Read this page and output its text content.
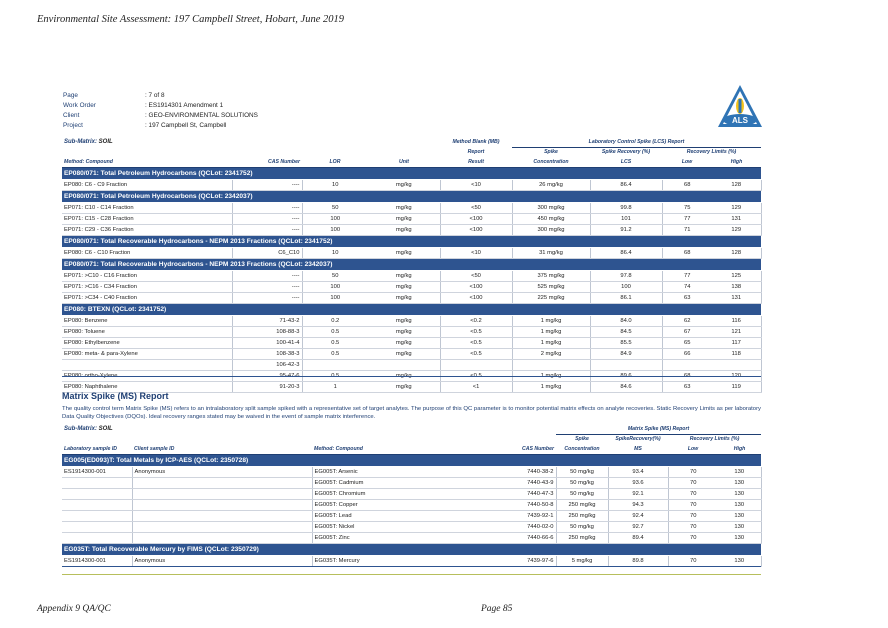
Environmental Site Assessment: 197 Campbell Street, Hobart, June 2019
Page	: 7 of 8
Work Order	: ES1914301 Amendment 1
Client	: GEO-ENVIRONMENTAL SOLUTIONS
Project	: 197 Campbell St, Campbell
ALS
Sub-Matrix: SOIL				Method Blank (MB)	Laboratory Control Spike (LCS) Report			
				Report	Spike	Spike Recovery (%)	Recovery Limits (%)	
Method: Compound	CAS Number	LOR	Unit	Result	Concentration	LCS	Low	High
EP080/071: Total Petroleum Hydrocarbons (QCLot: 2341752)								
EP080: C6 - C9 Fraction	----	10	mg/kg	<10	26 mg/kg	86.4	68	128
EP080/071: Total Petroleum Hydrocarbons (QCLot: 2342037)								
EP071: C10 - C14 Fraction	----	50	mg/kg	<50	300 mg/kg	99.8	75	129
EP071: C15 - C28 Fraction	----	100	mg/kg	<100	450 mg/kg	101	77	131
EP071: C29 - C36 Fraction	----	100	mg/kg	<100	300 mg/kg	91.2	71	129
EP080/071: Total Recoverable Hydrocarbons - NEPM 2013 Fractions (QCLot: 2341752)								
EP080: C6 - C10 Fraction	C6_C10	10	mg/kg	<10	31 mg/kg	86.4	68	128
EP080/071: Total Recoverable Hydrocarbons - NEPM 2013 Fractions (QCLot: 2342037)								
EP071: >C10 - C16 Fraction	----	50	mg/kg	<50	375 mg/kg	97.8	77	125
EP071: >C16 - C34 Fraction	----	100	mg/kg	<100	525 mg/kg	100	74	138
EP071: >C34 - C40 Fraction	----	100	mg/kg	<100	225 mg/kg	86.1	63	131
EP080: BTEXN (QCLot: 2341752)								
EP080: Benzene	71-43-2	0.2	mg/kg	<0.2	1 mg/kg	84.0	62	116
EP080: Toluene	108-88-3	0.5	mg/kg	<0.5	1 mg/kg	84.5	67	121
EP080: Ethylbenzene	100-41-4	0.5	mg/kg	<0.5	1 mg/kg	85.5	65	117
EP080: meta- & para-Xylene	108-38-3	0.5	mg/kg	<0.5	2 mg/kg	84.9	66	118
	106-42-3							
EP080: ortho-Xylene	95-47-6	0.5	mg/kg	<0.5	1 mg/kg	89.6	68	120
EP080: Naphthalene	91-20-3	1	mg/kg	<1	1 mg/kg	84.6	63	119
Matrix Spike (MS) Report
The quality control term Matrix Spike (MS) refers to an intralaboratory split sample spiked with a representative set of target analytes. The purpose of this QC parameter is to monitor potential matrix effects on analyte recoveries. Static Recovery Limits as per laboratory Data Quality Objectives (DQOs). Ideal recovery ranges stated may be waived in the event of sample matrix interference.
Sub-Matrix: SOIL				Matrix Spike (MS) Report			
				Spike	SpikeRecovery(%)	Recovery Limits (%)	
Laboratory sample ID	Client sample ID	Method: Compound	CAS Number	Concentration	MS	Low	High
EG005(ED093)T: Total Metals by ICP-AES (QCLot: 2350728)							
ES1914300-001	Anonymous	EG005T: Arsenic	7440-38-2	50 mg/kg	93.4	70	130
		EG005T: Cadmium	7440-43-9	50 mg/kg	93.6	70	130
		EG005T: Chromium	7440-47-3	50 mg/kg	92.1	70	130
		EG005T: Copper	7440-50-8	250 mg/kg	94.3	70	130
		EG005T: Lead	7439-92-1	250 mg/kg	92.4	70	130
		EG005T: Nickel	7440-02-0	50 mg/kg	92.7	70	130
		EG005T: Zinc	7440-66-6	250 mg/kg	89.4	70	130
EG035T: Total Recoverable Mercury by FIMS (QCLot: 2350729)							
ES1914300-001	Anonymous	EG035T: Mercury	7439-97-6	5 mg/kg	89.8	70	130
Appendix 9 QA/QC	Page 85
